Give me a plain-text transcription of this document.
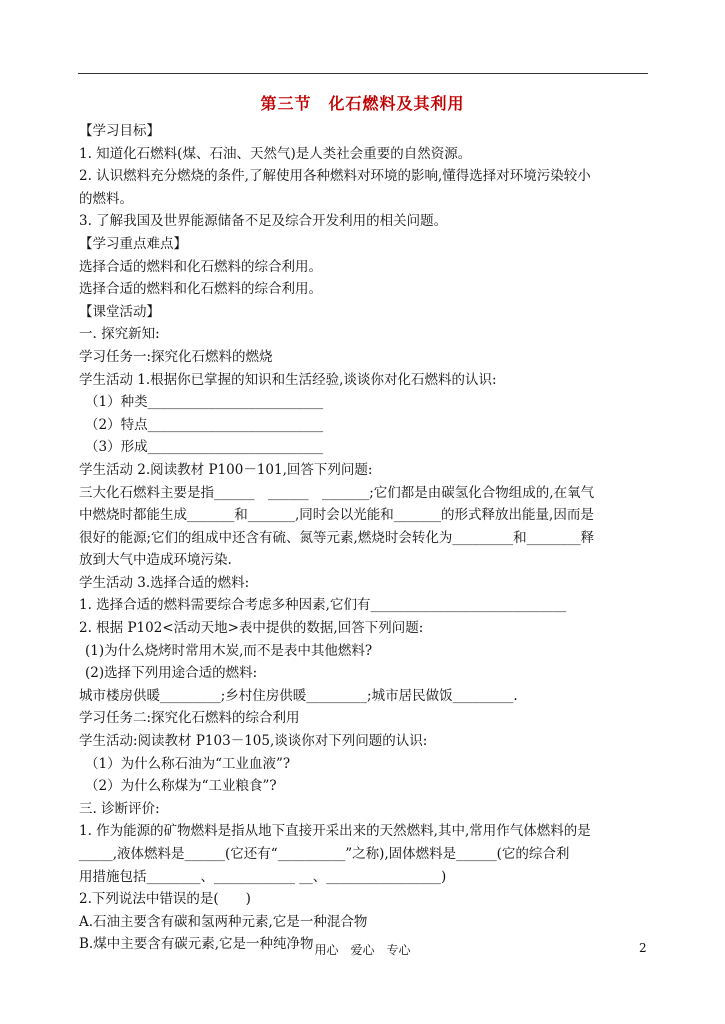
第三节　化石燃料及其利用
【学习目标】
1. 知道化石燃料(煤、石油、天然气)是人类社会重要的自然资源。
2. 认识燃料充分燃烧的条件,了解使用各种燃料对环境的影响,懂得选择对环境污染较小
的燃料。
3. 了解我国及世界能源储备不足及综合开发利用的相关问题。
【学习重点难点】
选择合适的燃料和化石燃料的综合利用。
选择合适的燃料和化石燃料的综合利用。
【课堂活动】
一. 探究新知:
学习任务一:探究化石燃料的燃烧
学生活动 1.根据你已掌握的知识和生活经验,谈谈你对化石燃料的认识:
（1）种类__________________________
（2）特点__________________________
（3）形成__________________________
学生活动 2.阅读教材 P100－101,回答下列问题:
三大化石燃料主要是指______　______　_______;它们都是由碳氢化合物组成的,在氧气
中燃烧时都能生成_______和_______,同时会以光能和_______的形式释放出能量,因而是
很好的能源;它们的组成中还含有硫、氮等元素,燃烧时会转化为_________和________释
放到大气中造成环境污染.
学生活动 3.选择合适的燃料:
1. 选择合适的燃料需要综合考虑多种因素,它们有_____________________________
2. 根据 P102<活动天地>表中提供的数据,回答下列问题:
(1)为什么烧烤时常用木炭,而不是表中其他燃料?
(2)选择下列用途合适的燃料:
城市楼房供暖_________;乡村住房供暖_________;城市居民做饭_________.
学习任务二:探究化石燃料的综合利用
学生活动:阅读教材 P103－105,谈谈你对下列问题的认识:
（1）为什么称石油为“工业血液”?
（2）为什么称煤为“工业粮食”?
三. 诊断评价:
1. 作为能源的矿物燃料是指从地下直接开采出来的天然燃料,其中,常用作气体燃料的是
_____,液体燃料是______(它还有“__________”之称),固体燃料是______(它的综合利
用措施包括________、____________ __、_________________)
2.下列说法中错误的是(　　)
A.石油主要含有碳和氢两种元素,它是一种混合物
B.煤中主要含有碳元素,它是一种纯净物 用心　爱心　专心	2
